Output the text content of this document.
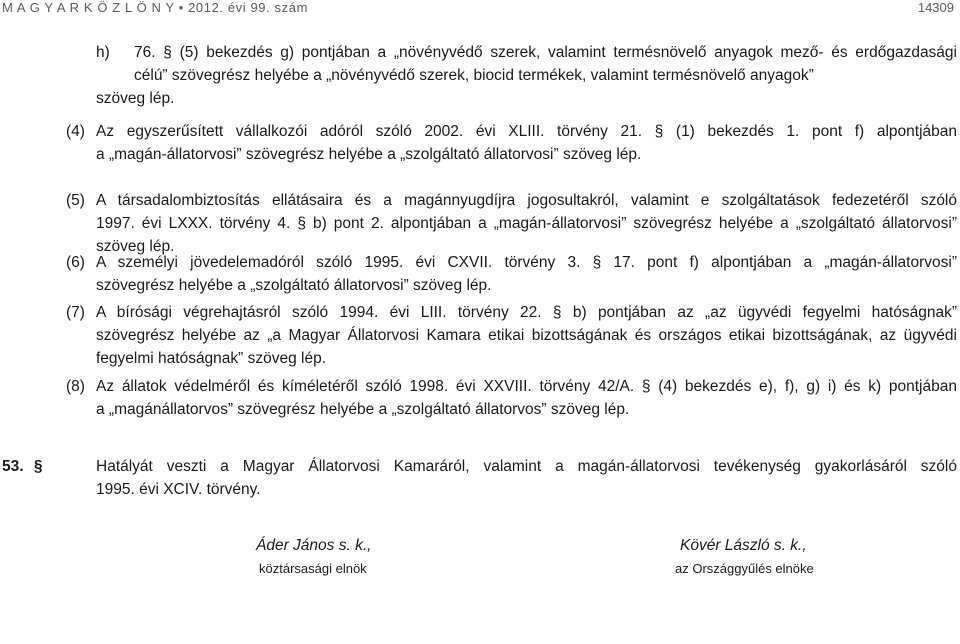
M A G Y A R K Ö Z L Ö N Y • 2012. évi 99. szám	14309
h) 76. § (5) bekezdés g) pontjában a „növényvédő szerek, valamint termésnövelő anyagok mező- és erdőgazdasági
célú” szövegrész helyébe a „növényvédő szerek, biocid termékek, valamint termésnövelő anyagok”
szöveg lép.
(4) Az egyszerűsített vállalkozói adóról szóló 2002. évi XLIII. törvény 21. § (1) bekezdés 1. pont f) alpontjában
a „magán-állatorvosi” szövegrész helyébe a „szolgáltató állatorvosi” szöveg lép.
(5) A társadalombiztosítás ellátásaira és a magánnyugdíjra jogosultakról, valamint e szolgáltatások fedezetéről szóló
1997. évi LXXX. törvény 4. § b) pont 2. alpontjában a „magán-állatorvosi” szövegrész helyébe a „szolgáltató állatorvosi”
szöveg lép.
(6) A személyi jövedelemadóról szóló 1995. évi CXVII. törvény 3. § 17. pont f) alpontjában a „magán-állatorvosi”
szövegrész helyébe a „szolgáltató állatorvosi” szöveg lép.
(7) A bírósági végrehajtásról szóló 1994. évi LIII. törvény 22. § b) pontjában az „az ügyvédi fegyelmi hatóságnak”
szövegrész helyébe az „a Magyar Állatorvosi Kamara etikai bizottságának és országos etikai bizottságának, az ügyvédi
fegyelmi hatóságnak” szöveg lép.
(8) Az állatok védelméről és kíméletéről szóló 1998. évi XXVIII. törvény 42/A. § (4) bekezdés e), f), g) i) és k) pontjában
a „magánállatorvos” szövegrész helyébe a „szolgáltató állatorvos” szöveg lép.
53. §	Hatályát veszti a Magyar Állatorvosi Kamaráról, valamint a magán-állatorvosi tevékenység gyakorlásáról szóló
1995. évi XCIV. törvény.
Áder János s. k.,
köztársasági elnök
Kövér László s. k.,
az Országgyűlés elnöke
